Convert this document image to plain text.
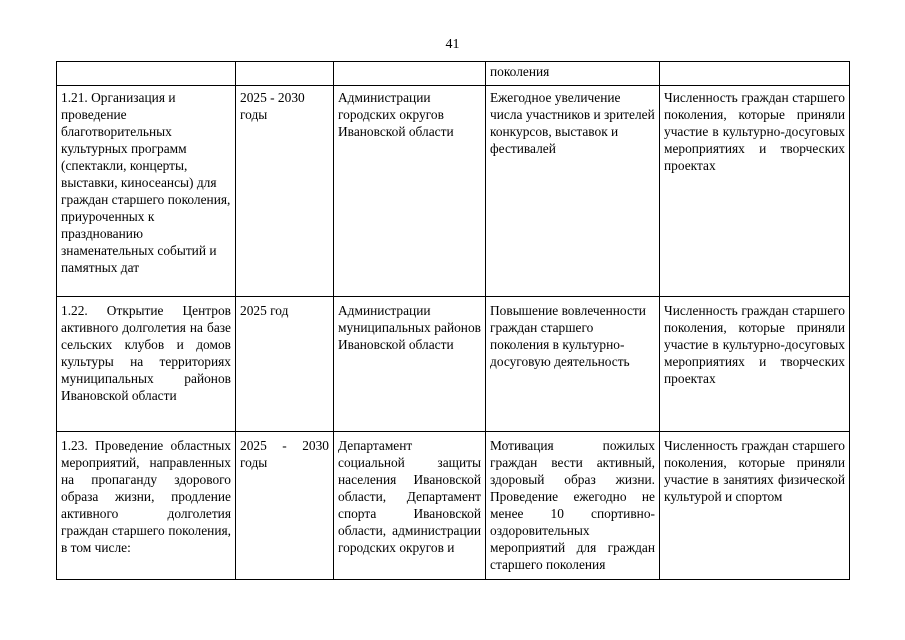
41

			поколения	

1.21. Организация и проведение благотворительных культурных программ (спектакли, концерты, выставки, киносеансы) для граждан старшего поколения, приуроченных к празднованию знаменательных событий и памятных дат	2025 - 2030 годы	Администрации городских округов Ивановской области	Ежегодное увеличение числа участников и зрителей конкурсов, выставок и фестивалей	Численность граждан старшего поколения, которые приняли участие в культурно-досуговых мероприятиях и творческих проектах

1.22. Открытие Центров активного долголетия на базе сельских клубов и домов культуры на территориях муниципальных районов Ивановской области	2025 год	Администрации муниципальных районов Ивановской области	Повышение вовлеченности граждан старшего поколения в культурно-досуговую деятельность	Численность граждан старшего поколения, которые приняли участие в культурно-досуговых мероприятиях и творческих проектах

1.23. Проведение областных мероприятий, направленных на пропаганду здорового образа жизни, продление активного долголетия граждан старшего поколения, в том числе:	2025 - 2030 годы	Департамент социальной защиты населения Ивановской области, Департамент спорта Ивановской области, администрации городских округов и	Мотивация пожилых граждан вести активный, здоровый образ жизни. Проведение ежегодно не менее 10 спортивно-оздоровительных мероприятий для граждан старшего поколения	Численность граждан старшего поколения, которые приняли участие в занятиях физической культурой и спортом
